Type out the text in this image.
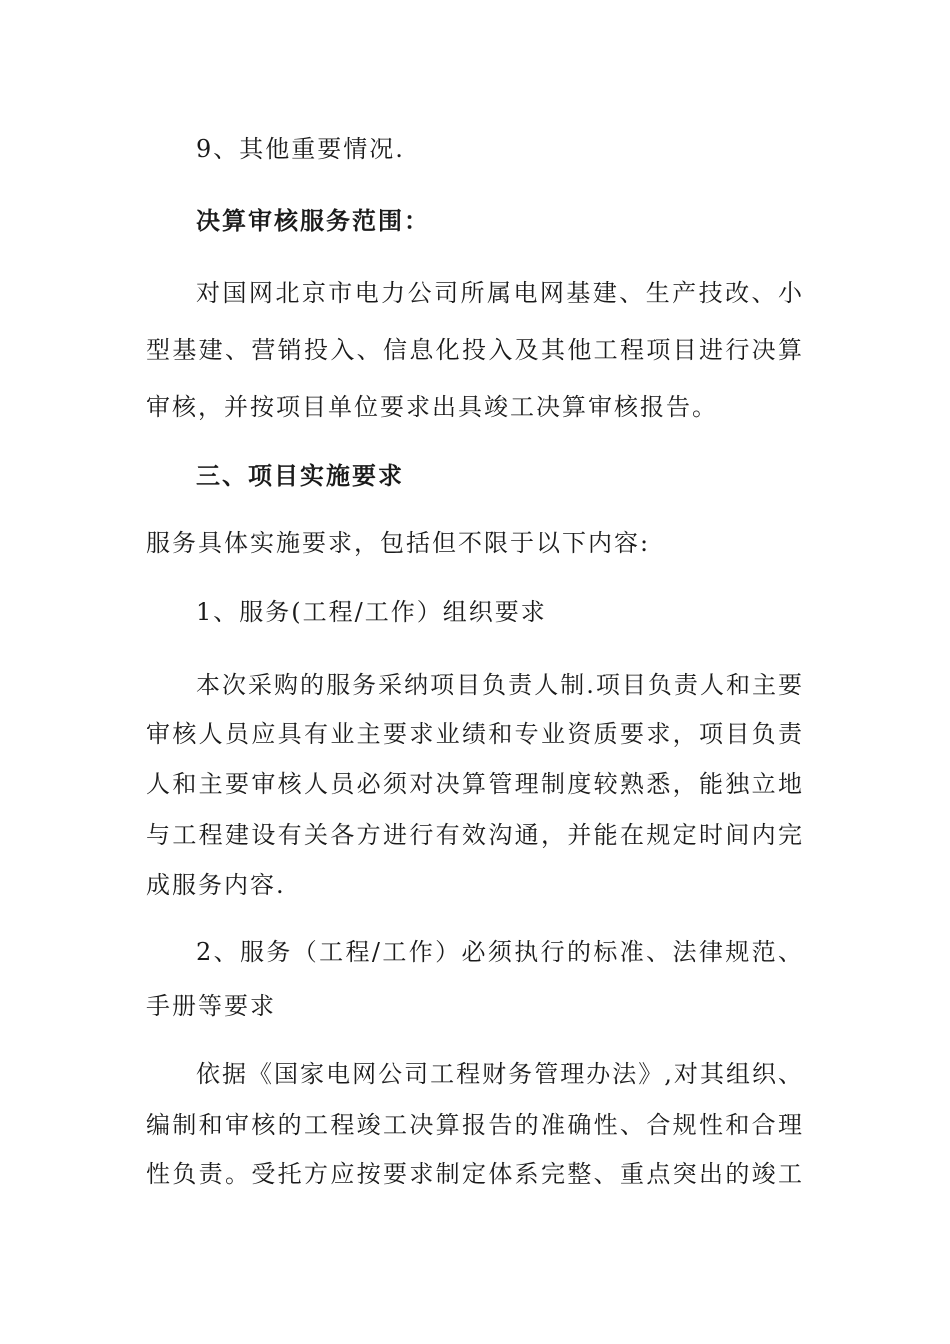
9、其他重要情况.
决算审核服务范围：
对国网北京市电力公司所属电网基建、生产技改、小
型基建、营销投入、信息化投入及其他工程项目进行决算
审核，并按项目单位要求出具竣工决算审核报告。
三、项目实施要求
服务具体实施要求，包括但不限于以下内容:
1、服务(工程/工作）组织要求
本次采购的服务采纳项目负责人制.项目负责人和主要
审核人员应具有业主要求业绩和专业资质要求，项目负责
人和主要审核人员必须对决算管理制度较熟悉，能独立地
与工程建设有关各方进行有效沟通，并能在规定时间内完
成服务内容.
2、服务（工程/工作）必须执行的标准、法律规范、
手册等要求
依据《国家电网公司工程财务管理办法》,对其组织、
编制和审核的工程竣工决算报告的准确性、合规性和合理
性负责。受托方应按要求制定体系完整、重点突出的竣工
